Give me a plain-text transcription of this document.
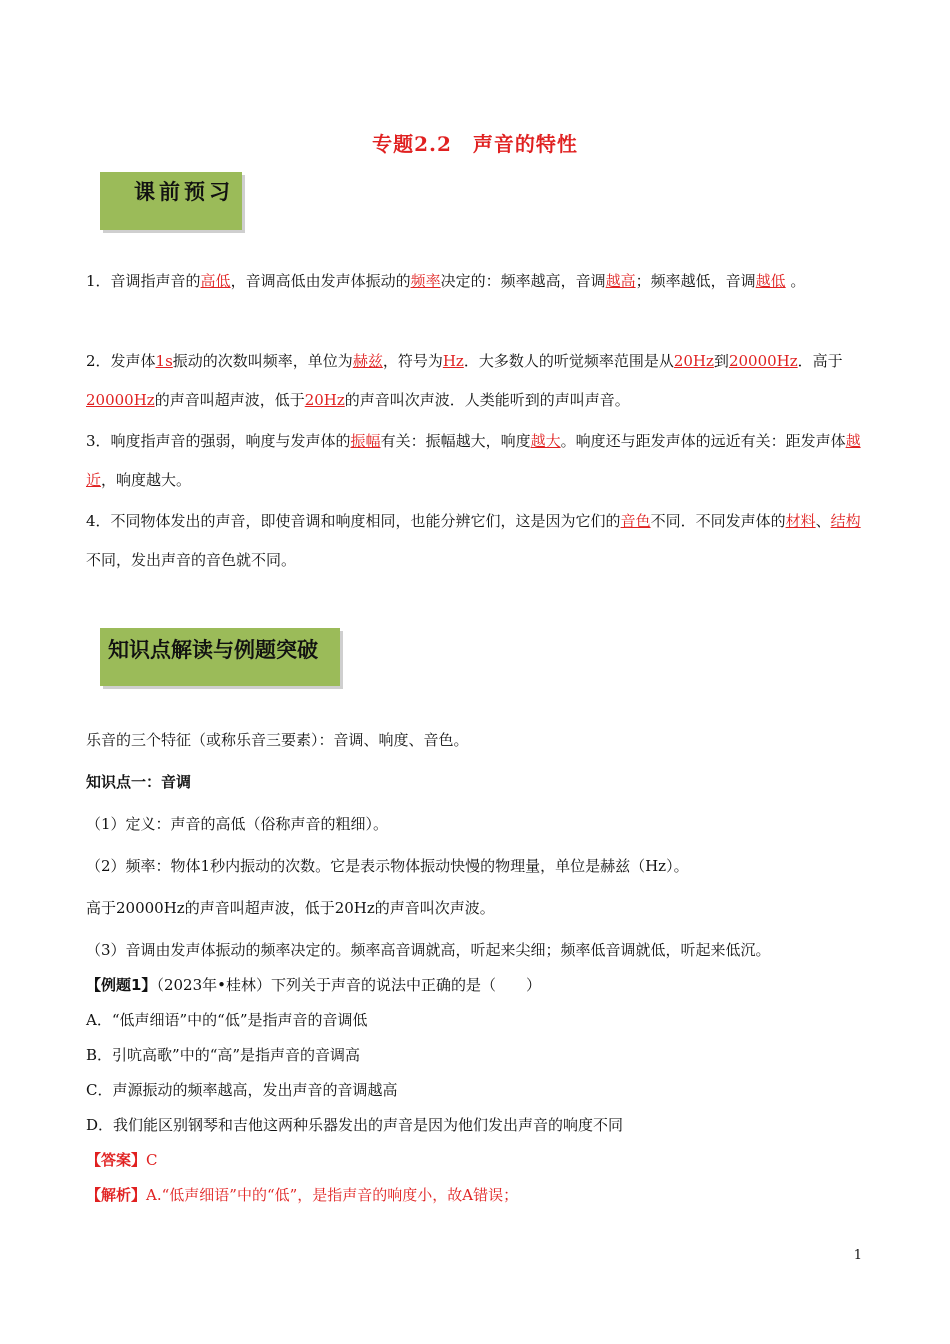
专题2.2　声音的特性
课前预习
1．音调指声音的高低，音调高低由发声体振动的频率决定的：频率越高，音调越高；频率越低，音调越低 。
2．发声体1s振动的次数叫频率，单位为赫兹，符号为Hz．大多数人的听觉频率范围是从20Hz到20000Hz．高于20000Hz的声音叫超声波，低于20Hz的声音叫次声波．人类能听到的声叫声音。
3．响度指声音的强弱，响度与发声体的振幅有关：振幅越大，响度越大。响度还与距发声体的远近有关：距发声体越近，响度越大。
4．不同物体发出的声音，即使音调和响度相同，也能分辨它们，这是因为它们的音色不同．不同发声体的材料、结构不同，发出声音的音色就不同。
知识点解读与例题突破
乐音的三个特征（或称乐音三要素）：音调、响度、音色。
知识点一：音调
（1）定义：声音的高低（俗称声音的粗细）。
（2）频率：物体1秒内振动的次数。它是表示物体振动快慢的物理量，单位是赫兹（Hz）。
高于20000Hz的声音叫超声波，低于20Hz的声音叫次声波。
（3）音调由发声体振动的频率决定的。频率高音调就高，听起来尖细；频率低音调就低，听起来低沉。
【例题1】（2023年•桂林）下列关于声音的说法中正确的是（　　）
A．“低声细语”中的“低”是指声音的音调低
B．引吭高歌”中的“高”是指声音的音调高
C．声源振动的频率越高，发出声音的音调越高
D．我们能区别钢琴和吉他这两种乐器发出的声音是因为他们发出声音的响度不同
【答案】C
【解析】A.“低声细语”中的“低”，是指声音的响度小，故A错误；
1
